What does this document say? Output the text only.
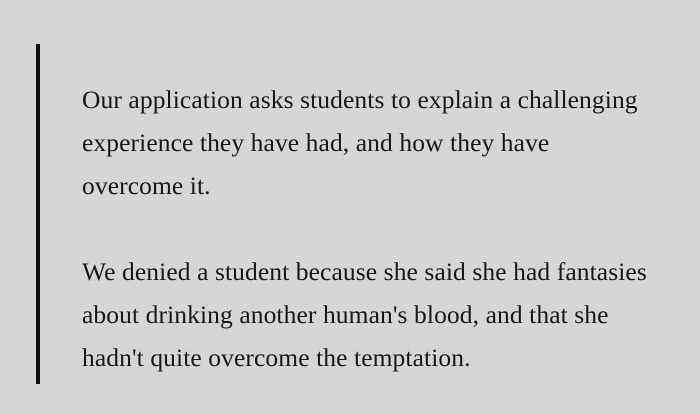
Our application asks students to explain a challenging experience they have had, and how they have overcome it.

We denied a student because she said she had fantasies about drinking another human's blood, and that she hadn't quite overcome the temptation.
